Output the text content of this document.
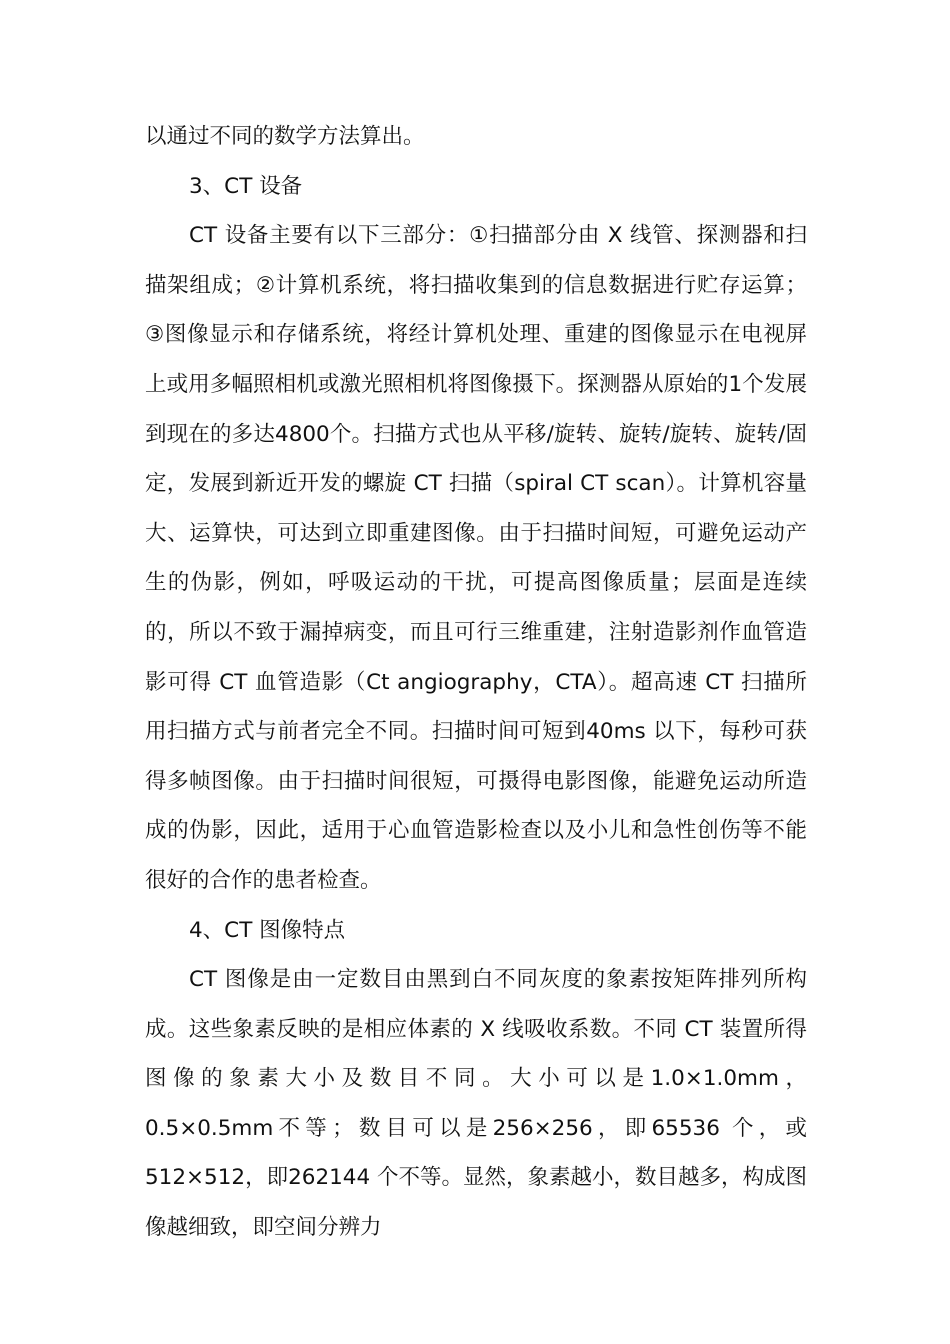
以通过不同的数学方法算出。

3、CT 设备

CT 设备主要有以下三部分：①扫描部分由 X 线管、探测器和扫描架组成；②计算机系统，将扫描收集到的信息数据进行贮存运算；③图像显示和存储系统，将经计算机处理、重建的图像显示在电视屏上或用多幅照相机或激光照相机将图像摄下。探测器从原始的1个发展到现在的多达4800个。扫描方式也从平移/旋转、旋转/旋转、旋转/固定，发展到新近开发的螺旋 CT 扫描（spiral CT scan）。计算机容量大、运算快，可达到立即重建图像。由于扫描时间短，可避免运动产生的伪影，例如，呼吸运动的干扰，可提高图像质量；层面是连续的，所以不致于漏掉病变，而且可行三维重建，注射造影剂作血管造影可得 CT 血管造影（Ct angiography，CTA）。超高速 CT 扫描所用扫描方式与前者完全不同。扫描时间可短到40ms 以下，每秒可获得多帧图像。由于扫描时间很短，可摄得电影图像，能避免运动所造成的伪影，因此，适用于心血管造影检查以及小儿和急性创伤等不能很好的合作的患者检查。

4、CT 图像特点

CT 图像是由一定数目由黑到白不同灰度的象素按矩阵排列所构成。这些象素反映的是相应体素的 X 线吸收系数。不同 CT 装置所得图像的象素大小及数目不同。大小可以是1.0×1.0mm，0.5×0.5mm不等；数目可以是256×256，即65536 个，或512×512，即262144 个不等。显然，象素越小，数目越多，构成图像越细致，即空间分辨力
